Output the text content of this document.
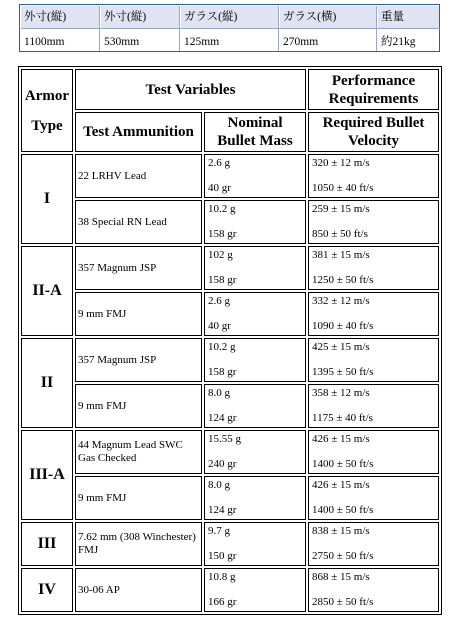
外寸(縦)
1100mm
外寸(縦)
530mm
ガラス(縦)
125mm
ガラス(横)
270mm
重量
約21kg
Armor
Type
Test Variables
Performance Requirements
Test Ammunition
Nominal Bullet Mass
Required Bullet Velocity
I
22 LRHV Lead
2.6 g
40 gr
320 ± 12 m/s
1050 ± 40 ft/s
38 Special RN Lead
10.2 g
158 gr
259 ± 15 m/s
850 ± 50 ft/s
II-A
357 Magnum JSP
102 g
158 gr
381 ± 15 m/s
1250 ± 50 ft/s
9 mm FMJ
2.6 g
40 gr
332 ± 12 m/s
1090 ± 40 ft/s
II
357 Magnum JSP
10.2 g
158 gr
425 ± 15 m/s
1395 ± 50 ft/s
9 mm FMJ
8.0 g
124 gr
358 ± 12 m/s
1175 ± 40 ft/s
III-A
44 Magnum Lead SWC Gas Checked
15.55 g
240 gr
426 ± 15 m/s
1400 ± 50 ft/s
9 mm FMJ
8.0 g
124 gr
426 ± 15 m/s
1400 ± 50 ft/s
III 7.62 mm (308 Winchester) FMJ
9.7 g
150 gr
838 ± 15 m/s
2750 ± 50 ft/s
IV 30-06 AP
10.8 g
166 gr
868 ± 15 m/s
2850 ± 50 ft/s
